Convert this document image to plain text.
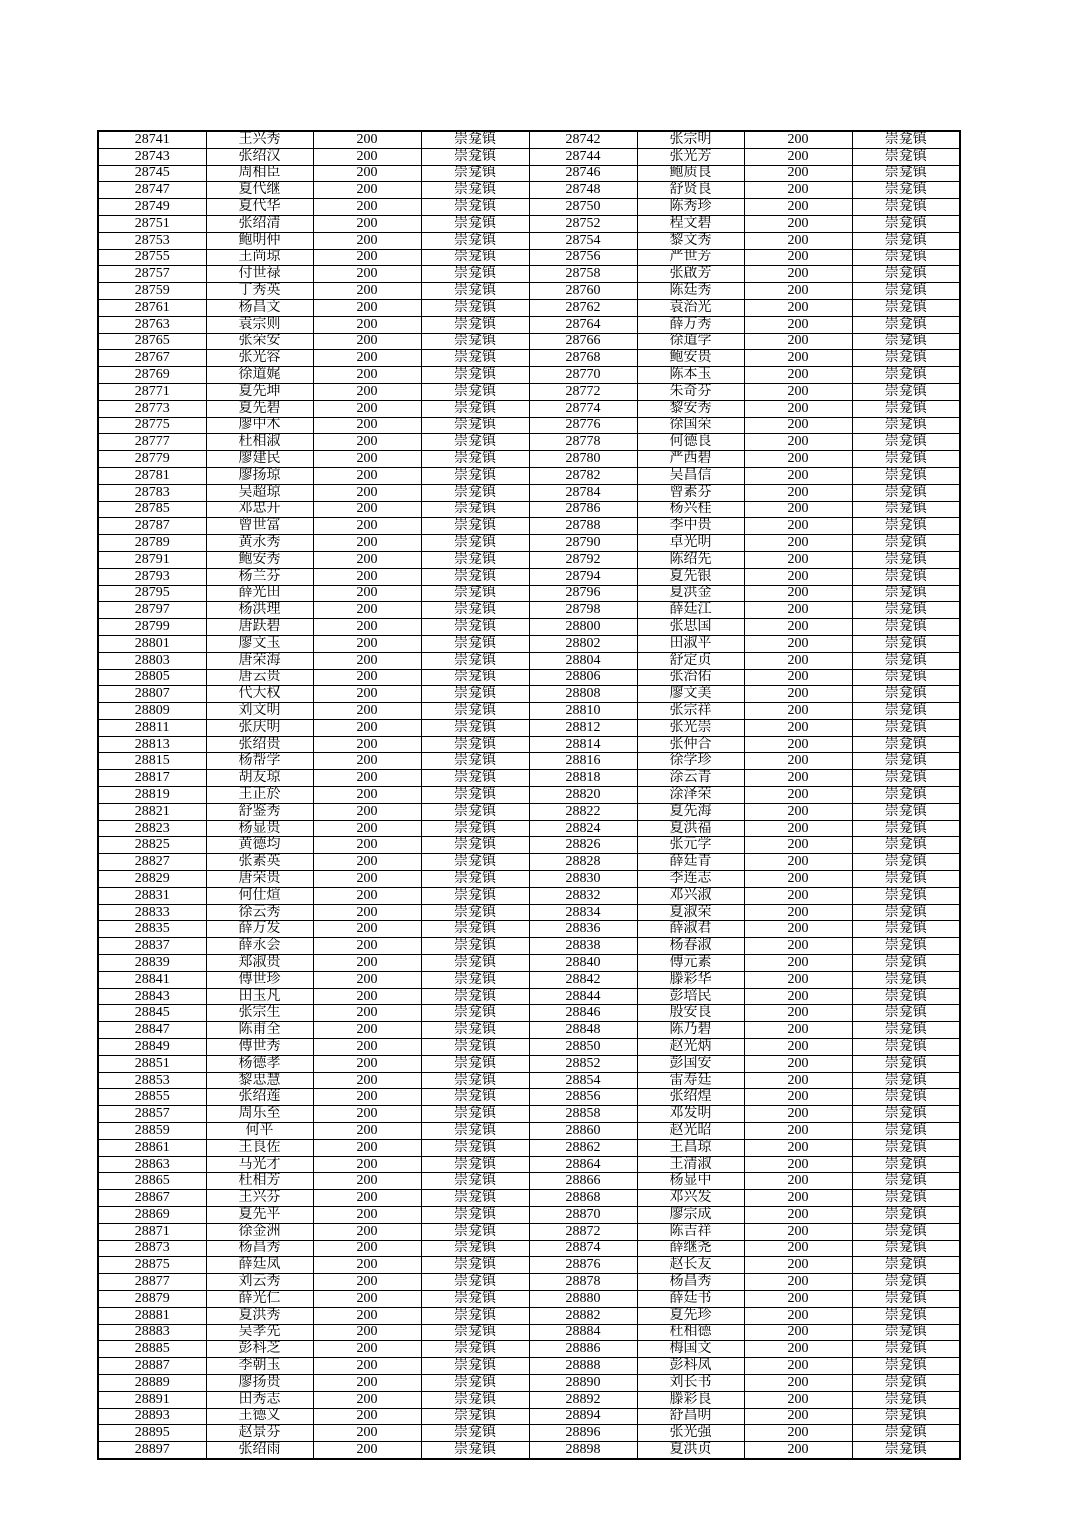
28741	王兴秀	200	崇龛镇	28742	张宗明	200	崇龛镇
28743	张绍汉	200	崇龛镇	28744	张光芳	200	崇龛镇
28745	周相臣	200	崇龛镇	28746	鲍质良	200	崇龛镇
28747	夏代继	200	崇龛镇	28748	舒贤良	200	崇龛镇
28749	夏代华	200	崇龛镇	28750	陈秀珍	200	崇龛镇
28751	张绍清	200	崇龛镇	28752	程文碧	200	崇龛镇
28753	鲍明仲	200	崇龛镇	28754	黎文秀	200	崇龛镇
28755	王尚琼	200	崇龛镇	28756	严世芳	200	崇龛镇
28757	付世禄	200	崇龛镇	28758	张啟芳	200	崇龛镇
28759	丁秀英	200	崇龛镇	28760	陈廷秀	200	崇龛镇
28761	杨昌文	200	崇龛镇	28762	袁治光	200	崇龛镇
28763	袁宗则	200	崇龛镇	28764	薛万秀	200	崇龛镇
28765	张荣安	200	崇龛镇	28766	徐道学	200	崇龛镇
28767	张光容	200	崇龛镇	28768	鲍安贵	200	崇龛镇
28769	徐道娓	200	崇龛镇	28770	陈本玉	200	崇龛镇
28771	夏先坤	200	崇龛镇	28772	朱奇芬	200	崇龛镇
28773	夏先碧	200	崇龛镇	28774	黎安秀	200	崇龛镇
28775	廖中木	200	崇龛镇	28776	徐国荣	200	崇龛镇
28777	杜相淑	200	崇龛镇	28778	何德良	200	崇龛镇
28779	廖建民	200	崇龛镇	28780	严西碧	200	崇龛镇
28781	廖扬琼	200	崇龛镇	28782	吴昌信	200	崇龛镇
28783	吴超琼	200	崇龛镇	28784	曾素芬	200	崇龛镇
28785	邓忠开	200	崇龛镇	28786	杨兴桂	200	崇龛镇
28787	曾世富	200	崇龛镇	28788	李中贵	200	崇龛镇
28789	黄永秀	200	崇龛镇	28790	卓光明	200	崇龛镇
28791	鲍安秀	200	崇龛镇	28792	陈绍先	200	崇龛镇
28793	杨兰芬	200	崇龛镇	28794	夏先银	200	崇龛镇
28795	薛光田	200	崇龛镇	28796	夏洪金	200	崇龛镇
28797	杨洪理	200	崇龛镇	28798	薛廷江	200	崇龛镇
28799	唐跃碧	200	崇龛镇	28800	张思国	200	崇龛镇
28801	廖文玉	200	崇龛镇	28802	田淑平	200	崇龛镇
28803	唐荣海	200	崇龛镇	28804	舒定贞	200	崇龛镇
28805	唐云贵	200	崇龛镇	28806	张治佑	200	崇龛镇
28807	代大权	200	崇龛镇	28808	廖文美	200	崇龛镇
28809	刘文明	200	崇龛镇	28810	张宗祥	200	崇龛镇
28811	张庆明	200	崇龛镇	28812	张光崇	200	崇龛镇
28813	张绍贵	200	崇龛镇	28814	张仲合	200	崇龛镇
28815	杨帮学	200	崇龛镇	28816	徐学珍	200	崇龛镇
28817	胡友琼	200	崇龛镇	28818	涂云青	200	崇龛镇
28819	王正於	200	崇龛镇	28820	涂泽荣	200	崇龛镇
28821	舒鉴秀	200	崇龛镇	28822	夏先海	200	崇龛镇
28823	杨显贵	200	崇龛镇	28824	夏洪福	200	崇龛镇
28825	黄德均	200	崇龛镇	28826	张元学	200	崇龛镇
28827	张素英	200	崇龛镇	28828	薛廷青	200	崇龛镇
28829	唐荣贵	200	崇龛镇	28830	李连志	200	崇龛镇
28831	何仕煊	200	崇龛镇	28832	邓兴淑	200	崇龛镇
28833	徐云秀	200	崇龛镇	28834	夏淑荣	200	崇龛镇
28835	薛万发	200	崇龛镇	28836	薛淑君	200	崇龛镇
28837	薛永会	200	崇龛镇	28838	杨春淑	200	崇龛镇
28839	郑淑贵	200	崇龛镇	28840	傅元素	200	崇龛镇
28841	傅世珍	200	崇龛镇	28842	滕彩华	200	崇龛镇
28843	田玉凡	200	崇龛镇	28844	彭培民	200	崇龛镇
28845	张宗生	200	崇龛镇	28846	殷安良	200	崇龛镇
28847	陈甫全	200	崇龛镇	28848	陈乃碧	200	崇龛镇
28849	傅世秀	200	崇龛镇	28850	赵光炳	200	崇龛镇
28851	杨德孝	200	崇龛镇	28852	彭国安	200	崇龛镇
28853	黎忠慧	200	崇龛镇	28854	雷寿廷	200	崇龛镇
28855	张绍莲	200	崇龛镇	28856	张绍煌	200	崇龛镇
28857	周乐至	200	崇龛镇	28858	邓发明	200	崇龛镇
28859	何平	200	崇龛镇	28860	赵光昭	200	崇龛镇
28861	王良佐	200	崇龛镇	28862	王昌琼	200	崇龛镇
28863	马光才	200	崇龛镇	28864	王清淑	200	崇龛镇
28865	杜相芳	200	崇龛镇	28866	杨显中	200	崇龛镇
28867	王兴芬	200	崇龛镇	28868	邓兴发	200	崇龛镇
28869	夏先平	200	崇龛镇	28870	廖宗成	200	崇龛镇
28871	徐金洲	200	崇龛镇	28872	陈吉祥	200	崇龛镇
28873	杨昌秀	200	崇龛镇	28874	薛继尧	200	崇龛镇
28875	薛廷凤	200	崇龛镇	28876	赵长友	200	崇龛镇
28877	刘云秀	200	崇龛镇	28878	杨昌秀	200	崇龛镇
28879	薛光仁	200	崇龛镇	28880	薛廷书	200	崇龛镇
28881	夏洪秀	200	崇龛镇	28882	夏先珍	200	崇龛镇
28883	吴孝先	200	崇龛镇	28884	杜相德	200	崇龛镇
28885	彭科芝	200	崇龛镇	28886	梅国文	200	崇龛镇
28887	李朝玉	200	崇龛镇	28888	彭科凤	200	崇龛镇
28889	廖扬贵	200	崇龛镇	28890	刘长书	200	崇龛镇
28891	田秀志	200	崇龛镇	28892	滕彩良	200	崇龛镇
28893	王德义	200	崇龛镇	28894	舒昌明	200	崇龛镇
28895	赵景芬	200	崇龛镇	28896	张光强	200	崇龛镇
28897	张绍雨	200	崇龛镇	28898	夏洪贞	200	崇龛镇
